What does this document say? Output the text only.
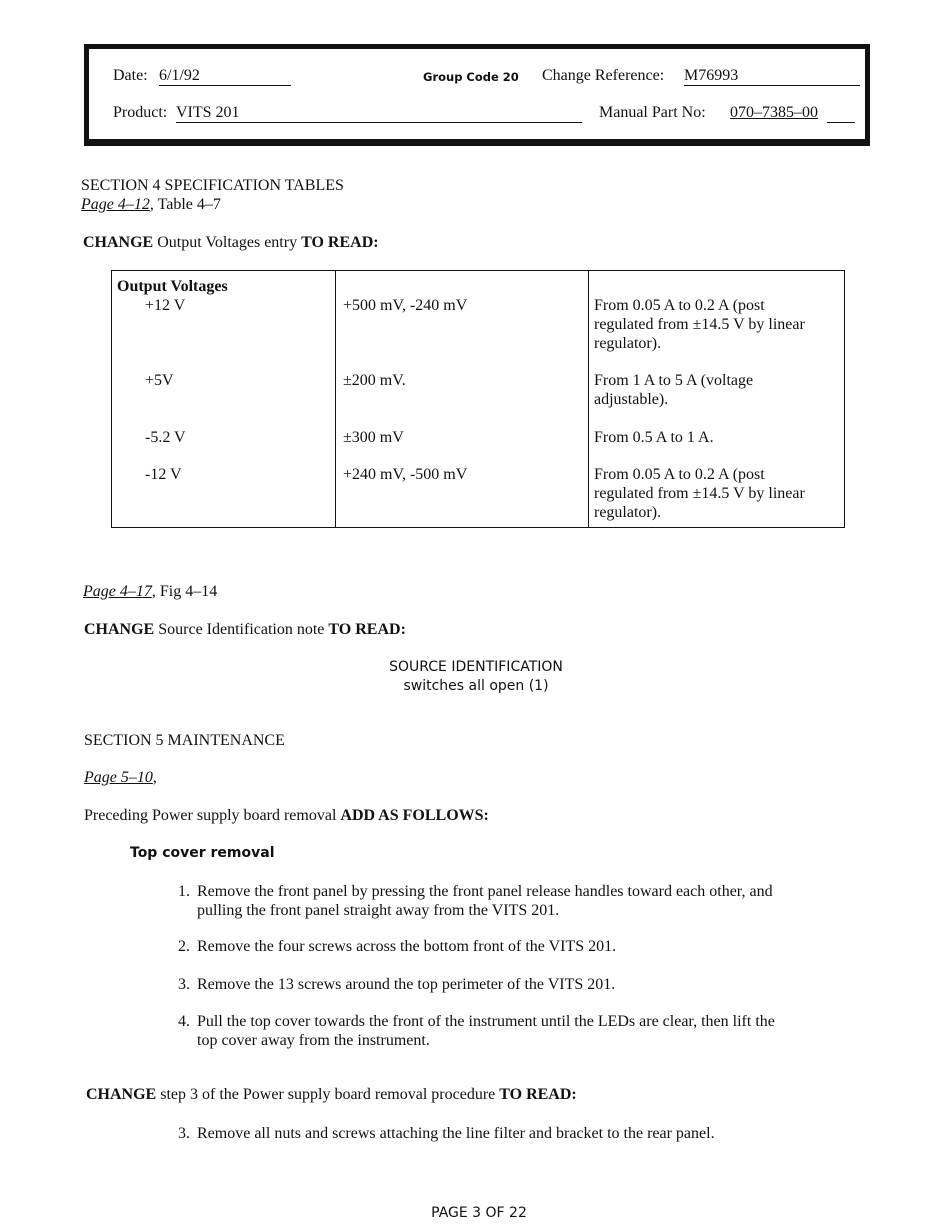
Date: 6/1/92	Group Code 20 Change Reference: M76993
Product: VITS 201	Manual Part No: 070–7385–00
SECTION 4 SPECIFICATION TABLES
Page 4–12, Table 4–7
CHANGE Output Voltages entry TO READ:
Output Voltages
+12 V	+500 mV, -240 mV	From 0.05 A to 0.2 A (post
regulated from ±14.5 V by linear
regulator).
+5V	±200 mV.	From 1 A to 5 A (voltage
adjustable).
-5.2 V	±300 mV	From 0.5 A to 1 A.
-12 V	+240 mV, -500 mV	From 0.05 A to 0.2 A (post
regulated from ±14.5 V by linear
regulator).
Page 4–17, Fig 4–14
CHANGE Source Identification note TO READ:
SOURCE IDENTIFICATION
switches all open (1)
SECTION 5 MAINTENANCE
Page 5–10,
Preceding Power supply board removal ADD AS FOLLOWS:
Top cover removal
1. Remove the front panel by pressing the front panel release handles toward each other, and
pulling the front panel straight away from the VITS 201.
2. Remove the four screws across the bottom front of the VITS 201.
3. Remove the 13 screws around the top perimeter of the VITS 201.
4. Pull the top cover towards the front of the instrument until the LEDs are clear, then lift the
top cover away from the instrument.
CHANGE step 3 of the Power supply board removal procedure TO READ:
3. Remove all nuts and screws attaching the line filter and bracket to the rear panel.
PAGE 3 OF 22
